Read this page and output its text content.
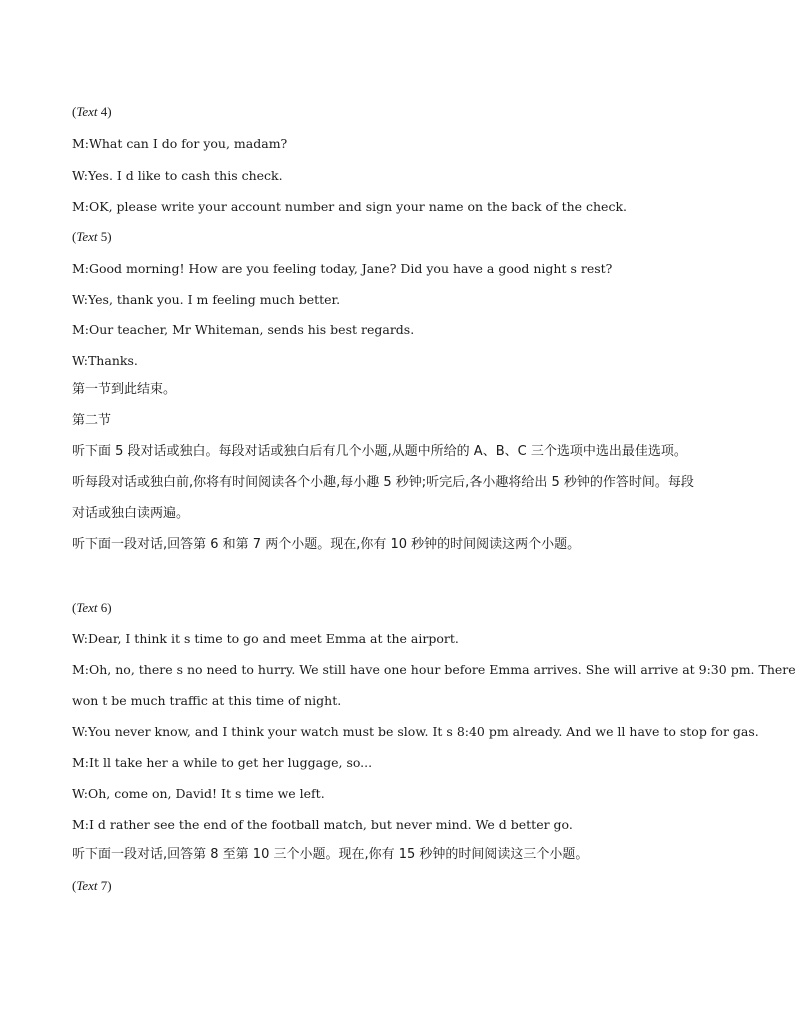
(Text 4)

M:What can I do for you, madam?

W:Yes. I d like to cash this check.

M:OK, please write your account number and sign your name on the back of the check.

(Text 5)

M:Good morning! How are you feeling today, Jane? Did you have a good night s rest?

W:Yes, thank you. I m feeling much better.

M:Our teacher, Mr Whiteman, sends his best regards.

W:Thanks.

第一节到此结束。

第二节

听下面 5 段对话或独白。每段对话或独白后有几个小题,从题中所给的 A、B、C 三个选项中选出最佳选项。

听每段对话或独白前,你将有时间阅读各个小趣,每小趣 5 秒钟;听完后,各小趣将给出 5 秒钟的作答时间。每段

对话或独白读两遍。

听下面一段对话,回答第 6 和第 7 两个小题。现在,你有 10 秒钟的时间阅读这两个小题。

(Text 6)

W:Dear, I think it s time to go and meet Emma at the airport.

M:Oh, no, there s no need to hurry. We still have one hour before Emma arrives. She will arrive at 9:30 pm. There

won t be much traffic at this time of night.

W:You never know, and I think your watch must be slow. It s 8:40 pm already. And we ll have to stop for gas.

M:It ll take her a while to get her luggage, so...

W:Oh, come on, David! It s time we left.

M:I d rather see the end of the football match, but never mind. We d better go.

听下面一段对话,回答第 8 至第 10 三个小题。现在,你有 15 秒钟的时间阅读这三个小题。

(Text 7)
